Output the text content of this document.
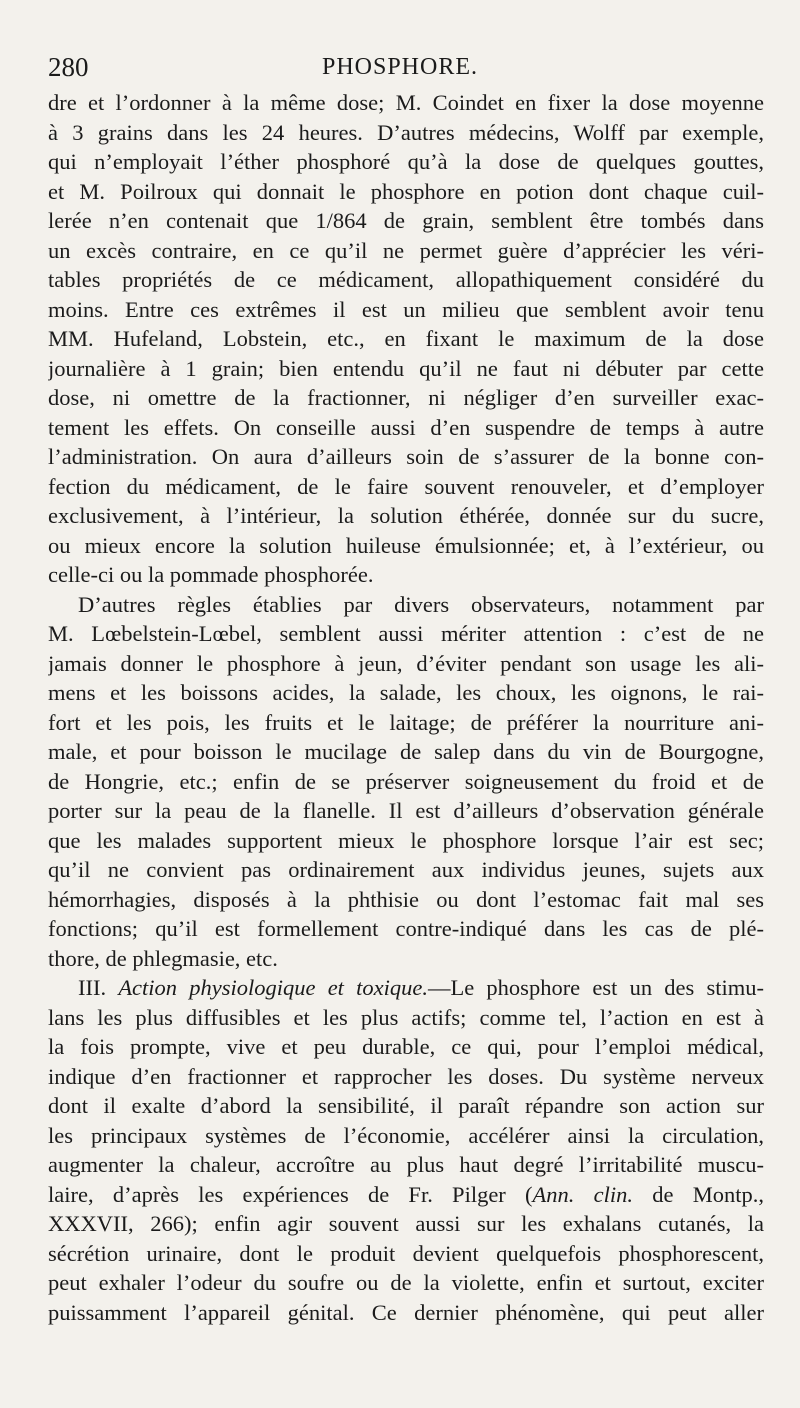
280	PHOSPHORE.
dre et l’ordonner à la même dose; M. Coindet en fixer la dose moyenne
à 3 grains dans les 24 heures. D’autres médecins, Wolff par exemple,
qui n’employait l’éther phosphoré qu’à la dose de quelques gouttes,
et M. Poilroux qui donnait le phosphore en potion dont chaque cuil-
lerée n’en contenait que 1/864 de grain, semblent être tombés dans
un excès contraire, en ce qu’il ne permet guère d’apprécier les véri-
tables propriétés de ce médicament, allopathiquement considéré du
moins. Entre ces extrêmes il est un milieu que semblent avoir tenu
MM. Hufeland, Lobstein, etc., en fixant le maximum de la dose
journalière à 1 grain; bien entendu qu’il ne faut ni débuter par cette
dose, ni omettre de la fractionner, ni négliger d’en surveiller exac-
tement les effets. On conseille aussi d’en suspendre de temps à autre
l’administration. On aura d’ailleurs soin de s’assurer de la bonne con-
fection du médicament, de le faire souvent renouveler, et d’employer
exclusivement, à l’intérieur, la solution éthérée, donnée sur du sucre,
ou mieux encore la solution huileuse émulsionnée; et, à l’extérieur, ou
celle-ci ou la pommade phosphorée.
D’autres règles établies par divers observateurs, notamment par
M. Lœbelstein-Lœbel, semblent aussi mériter attention : c’est de ne
jamais donner le phosphore à jeun, d’éviter pendant son usage les ali-
mens et les boissons acides, la salade, les choux, les oignons, le rai-
fort et les pois, les fruits et le laitage; de préférer la nourriture ani-
male, et pour boisson le mucilage de salep dans du vin de Bourgogne,
de Hongrie, etc.; enfin de se préserver soigneusement du froid et de
porter sur la peau de la flanelle. Il est d’ailleurs d’observation générale
que les malades supportent mieux le phosphore lorsque l’air est sec;
qu’il ne convient pas ordinairement aux individus jeunes, sujets aux
hémorrhagies, disposés à la phthisie ou dont l’estomac fait mal ses
fonctions; qu’il est formellement contre-indiqué dans les cas de plé-
thore, de phlegmasie, etc.
III. Action physiologique et toxique.—Le phosphore est un des stimu-
lans les plus diffusibles et les plus actifs; comme tel, l’action en est à
la fois prompte, vive et peu durable, ce qui, pour l’emploi médical,
indique d’en fractionner et rapprocher les doses. Du système nerveux
dont il exalte d’abord la sensibilité, il paraît répandre son action sur
les principaux systèmes de l’économie, accélérer ainsi la circulation,
augmenter la chaleur, accroître au plus haut degré l’irritabilité muscu-
laire, d’après les expériences de Fr. Pilger (Ann. clin. de Montp.,
XXXVII, 266); enfin agir souvent aussi sur les exhalans cutanés, la
sécrétion urinaire, dont le produit devient quelquefois phosphorescent,
peut exhaler l’odeur du soufre ou de la violette, enfin et surtout, exciter
puissamment l’appareil génital. Ce dernier phénomène, qui peut aller
